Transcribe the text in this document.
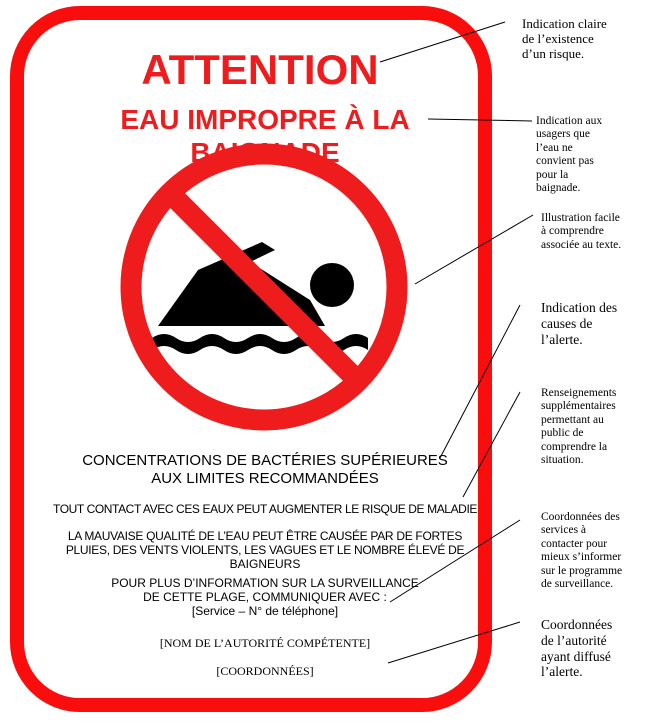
ATTENTION
EAU IMPROPRE À LA
BAIGNADE
CONCENTRATIONS DE BACTÉRIES SUPÉRIEURES
AUX LIMITES RECOMMANDÉES
TOUT CONTACT AVEC CES EAUX PEUT AUGMENTER LE RISQUE DE MALADIE
LA MAUVAISE QUALITÉ DE L’EAU PEUT ÊTRE CAUSÉE PAR DE FORTES
PLUIES, DES VENTS VIOLENTS, LES VAGUES ET LE NOMBRE ÉLEVÉ DE
BAIGNEURS
POUR PLUS D’INFORMATION SUR LA SURVEILLANCE
DE CETTE PLAGE, COMMUNIQUER AVEC :
[Service – N° de téléphone]
[NOM DE L’AUTORITÉ COMPÉTENTE]
[COORDONNÉES]
Indication claire
de l’existence
d’un risque.
Indication aux
usagers que
l’eau ne
convient pas
pour la
baignade.
Illustration facile
à comprendre
associée au texte.
Indication des
causes de
l’alerte.
Renseignements
supplémentaires
permettant au
public de
comprendre la
situation.
Coordonnées des
services à
contacter pour
mieux s’informer
sur le programme
de surveillance.
Coordonnées
de l’autorité
ayant diffusé
l’alerte.
